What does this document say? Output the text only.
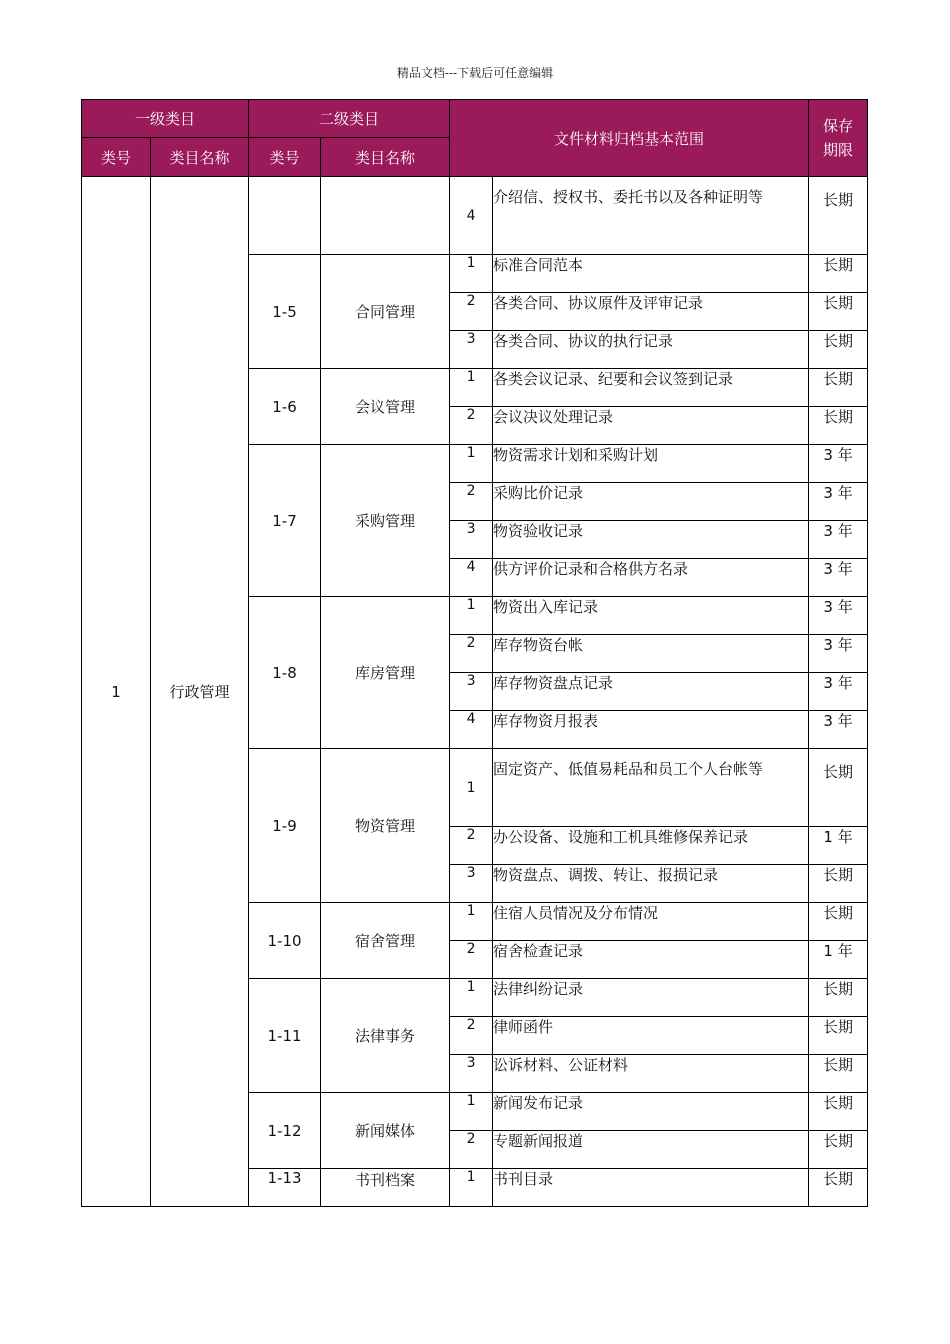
精品文档---下载后可任意编辑
一级类目		二级类目		文件材料归档基本范围		保存期限
类号	类目名称	类号	类目名称			
1	行政管理			4	介绍信、授权书、委托书以及各种证明等	长期
		1-5	合同管理	1	标准合同范本	长期
				2	各类合同、协议原件及评审记录	长期
				3	各类合同、协议的执行记录	长期
		1-6	会议管理	1	各类会议记录、纪要和会议签到记录	长期
				2	会议决议处理记录	长期
		1-7	采购管理	1	物资需求计划和采购计划	3 年
				2	采购比价记录	3 年
				3	物资验收记录	3 年
				4	供方评价记录和合格供方名录	3 年
		1-8	库房管理	1	物资出入库记录	3 年
				2	库存物资台帐	3 年
				3	库存物资盘点记录	3 年
				4	库存物资月报表	3 年
		1-9	物资管理	1	固定资产、低值易耗品和员工个人台帐等	长期
				2	办公设备、设施和工机具维修保养记录	1 年
				3	物资盘点、调拨、转让、报损记录	长期
		1-10	宿舍管理	1	住宿人员情况及分布情况	长期
				2	宿舍检查记录	1 年
		1-11	法律事务	1	法律纠纷记录	长期
				2	律师函件	长期
				3	讼诉材料、公证材料	长期
		1-12	新闻媒体	1	新闻发布记录	长期
				2	专题新闻报道	长期
		1-13	书刊档案	1	书刊目录	长期
